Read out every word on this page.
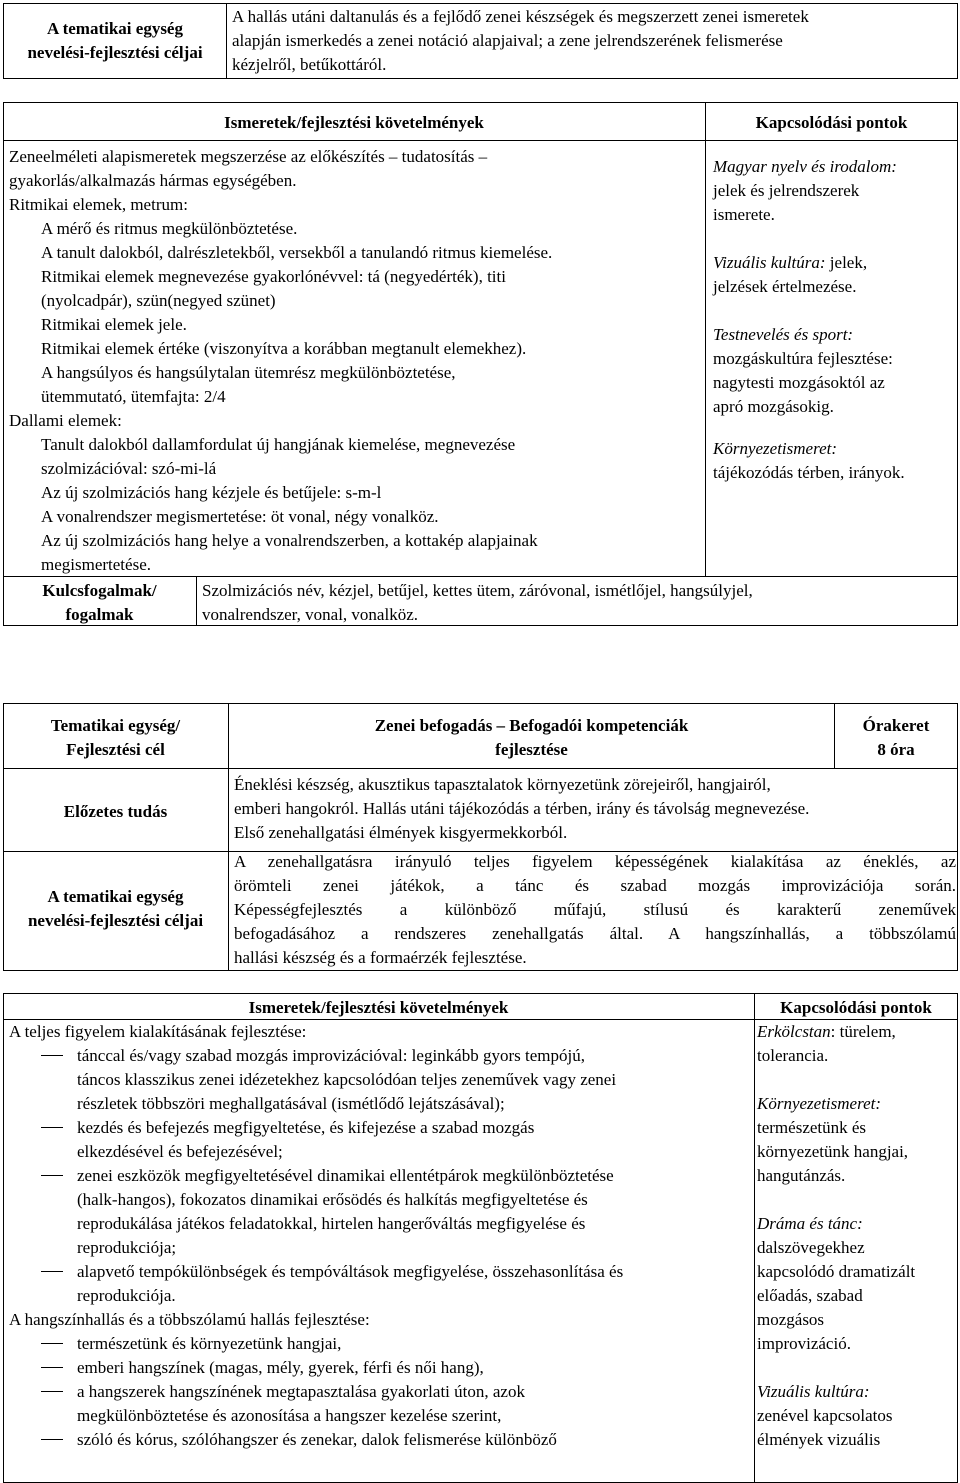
A tematikai egység
nevelési-fejlesztési céljai
A hallás utáni daltanulás és a fejlődő zenei készségek és megszerzett zenei ismeretek
alapján ismerkedés a zenei notáció alapjaival; a zene jelrendszerének felismerése
kézjelről, betűkottáról.
Ismeretek/fejlesztési követelmények	Kapcsolódási pontok
Zeneelméleti alapismeretek megszerzése az előkészítés – tudatosítás –
gyakorlás/alkalmazás hármas egységében.
Ritmikai elemek, metrum:
A mérő és ritmus megkülönböztetése.
A tanult dalokból, dalrészletekből, versekből a tanulandó ritmus kiemelése.
Ritmikai elemek megnevezése gyakorlónévvel: tá (negyedérték), titi
(nyolcadpár), szün(negyed szünet)
Ritmikai elemek jele.
Ritmikai elemek értéke (viszonyítva a korábban megtanult elemekhez).
A hangsúlyos és hangsúlytalan ütemrész megkülönböztetése,
ütemmutató, ütemfajta: 2/4
Dallami elemek:
Tanult dalokból dallamfordulat új hangjának kiemelése, megnevezése
szolmizációval: szó-mi-lá
Az új szolmizációs hang kézjele és betűjele: s-m-l
A vonalrendszer megismertetése: öt vonal, négy vonalköz.
Az új szolmizációs hang helye a vonalrendszerben, a kottakép alapjainak
megismertetése.
Magyar nyelv és irodalom:
jelek és jelrendszerek
ismerete.
Vizuális kultúra: jelek,
jelzések értelmezése.
Testnevelés és sport:
mozgáskultúra fejlesztése:
nagytesti mozgásoktól az
apró mozgásokig.
Környezetismeret:
tájékozódás térben, irányok.
Kulcsfogalmak/
fogalmak
Szolmizációs név, kézjel, betűjel, kettes ütem, záróvonal, ismétlőjel, hangsúlyjel,
vonalrendszer, vonal, vonalköz.
Tematikai egység/
Fejlesztési cél
Zenei befogadás – Befogadói kompetenciák
fejlesztése
Órakeret
8 óra
Előzetes tudás
Éneklési készség, akusztikus tapasztalatok környezetünk zörejeiről, hangjairól,
emberi hangokról. Hallás utáni tájékozódás a térben, irány és távolság megnevezése.
Első zenehallgatási élmények kisgyermekkorból.
A tematikai egység
nevelési-fejlesztési céljai
A zenehallgatásra irányuló teljes figyelem képességének kialakítása az éneklés, az
örömteli zenei játékok, a tánc és szabad mozgás improvizációja során.
Képességfejlesztés a különböző műfajú, stílusú és karakterű zeneművek
befogadásához a rendszeres zenehallgatás által. A hangszínhallás, a többszólamú
hallási készség és a formaérzék fejlesztése.
Ismeretek/fejlesztési követelmények	Kapcsolódási pontok
A teljes figyelem kialakításának fejlesztése:
tánccal és/vagy szabad mozgás improvizációval: leginkább gyors tempójú,
táncos klasszikus zenei idézetekhez kapcsolódóan teljes zeneművek vagy zenei
részletek többszöri meghallgatásával (ismétlődő lejátszásával);
kezdés és befejezés megfigyeltetése, és kifejezése a szabad mozgás
elkezdésével és befejezésével;
zenei eszközök megfigyeltetésével dinamikai ellentétpárok megkülönböztetése
(halk-hangos), fokozatos dinamikai erősödés és halkítás megfigyeltetése és
reprodukálása játékos feladatokkal, hirtelen hangerőváltás megfigyelése és
reprodukciója;
alapvető tempókülönbségek és tempóváltások megfigyelése, összehasonlítása és
reprodukciója.
A hangszínhallás és a többszólamú hallás fejlesztése:
természetünk és környezetünk hangjai,
emberi hangszínek (magas, mély, gyerek, férfi és női hang),
a hangszerek hangszínének megtapasztalása gyakorlati úton, azok
megkülönböztetése és azonosítása a hangszer kezelése szerint,
szóló és kórus, szólóhangszer és zenekar, dalok felismerése különböző
Erkölcstan: türelem,
tolerancia.
Környezetismeret:
természetünk és
környezetünk hangjai,
hangutánzás.
Dráma és tánc:
dalszövegekhez
kapcsolódó dramatizált
előadás, szabad
mozgásos
improvizáció.
Vizuális kultúra:
zenével kapcsolatos
élmények vizuális
